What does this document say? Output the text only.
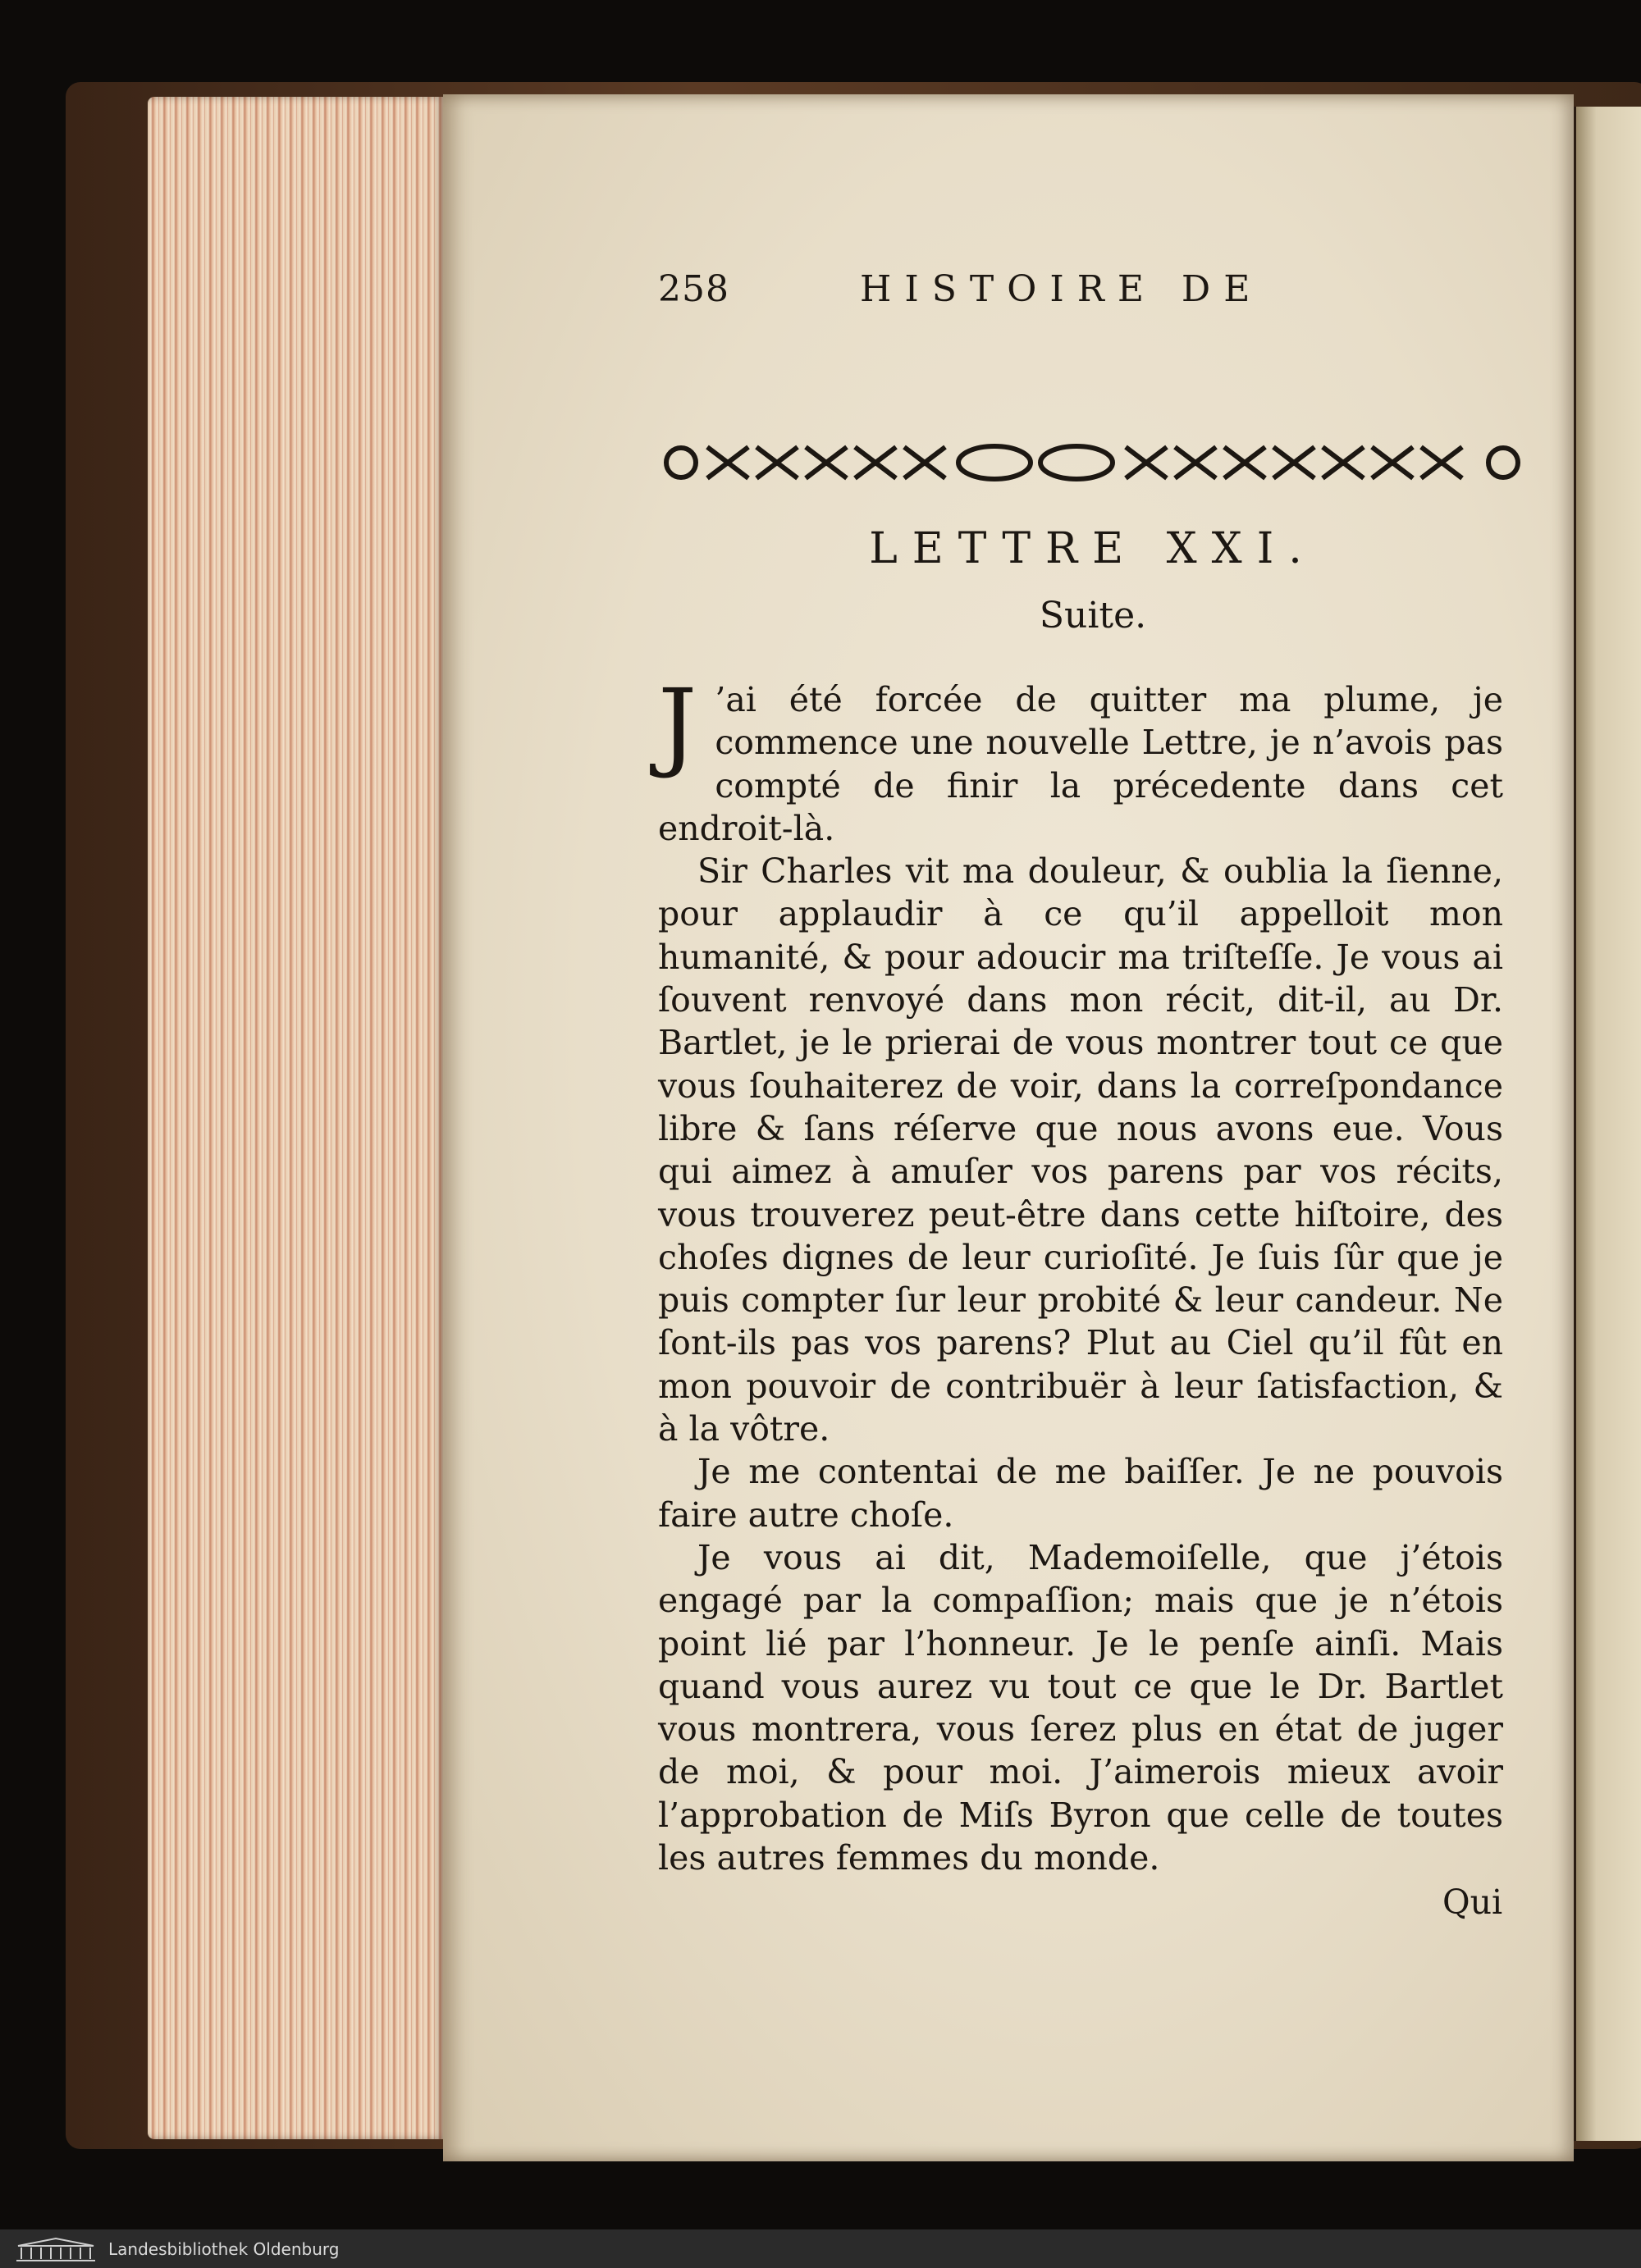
258	HISTOIRE DE
LETTRE XXI.
Suite.

J ’ai été forcée de quitter ma plume, je commence une nouvelle Lettre, je n’avois pas compté de finir la précedente dans cet endroit-là.

Sir Charles vit ma douleur, & oublia la ſienne, pour applaudir à ce qu’il appelloit mon humanité, & pour adoucir ma triſteſſe. Je vous ai ſouvent renvoyé dans mon récit, dit-il, au Dr. Bartlet, je le prierai de vous montrer tout ce que vous ſouhaiterez de voir, dans la correſpondance libre & ſans réſerve que nous avons eue. Vous qui aimez à amuſer vos parens par vos récits, vous trouverez peut-être dans cette hiſtoire, des choſes dignes de leur curioſité. Je ſuis ſûr que je puis compter ſur leur probité & leur candeur. Ne ſont-ils pas vos parens? Plut au Ciel qu’il fût en mon pouvoir de contribuër à leur ſatisfaction, & à la vôtre.

Je me contentai de me baiſſer. Je ne pouvois faire autre choſe.

Je vous ai dit, Mademoiſelle, que j’étois engagé par la compaſſion; mais que je n’étois point lié par l’honneur. Je le penſe ainſi. Mais quand vous aurez vu tout ce que le Dr. Bartlet vous montrera, vous ſerez plus en état de juger de moi, & pour moi. J’aimerois mieux avoir l’approbation de Miſs Byron que celle de toutes les autres femmes du monde.

Qui
Landesbibliothek Oldenburg
